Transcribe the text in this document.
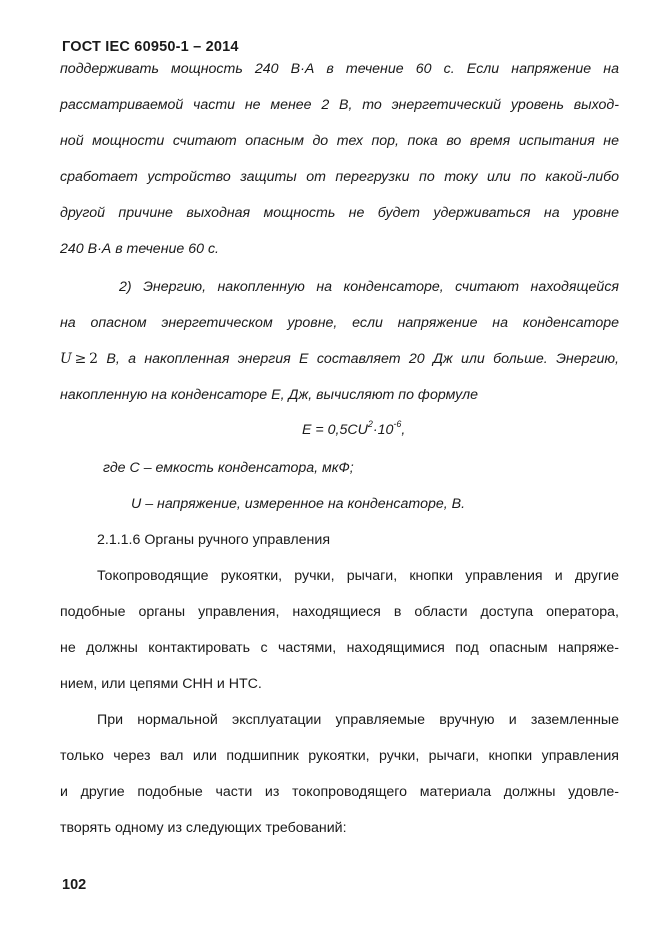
ГОСТ IEC 60950-1 – 2014
поддерживать мощность 240 В·А в течение 60 с. Если напряжение на
рассматриваемой части не менее 2 В, то энергетический уровень выход-
ной мощности считают опасным до тех пор, пока во время испытания не
сработает устройство защиты от перегрузки по току или по какой-либо
другой причине выходная мощность не будет удерживаться на уровне
240 В·А в течение 60 с.
2) Энергию, накопленную на конденсаторе, считают находящейся
на опасном энергетическом уровне, если напряжение на конденсаторе
U  ≥  2 В, а накопленная энергия Е составляет 20 Дж или больше. Энергию,
накопленную на конденсаторе E, Дж, вычисляют по формуле
$E = 0,5CU^2\cdot 10^{-6}$,
где C – емкость конденсатора, мкФ;
U – напряжение, измеренное на конденсаторе, В.
2.1.1.6 Органы ручного управления
Токопроводящие рукоятки, ручки, рычаги, кнопки управления и другие
подобные органы управления, находящиеся в области доступа оператора,
не должны контактировать с частями, находящимися под опасным напряже-
нием, или цепями СНН и НТС.
При нормальной эксплуатации управляемые вручную и заземленные
только через вал или подшипник рукоятки, ручки, рычаги, кнопки управления
и другие подобные части из токопроводящего материала должны удовле-
творять одному из следующих требований:
102
